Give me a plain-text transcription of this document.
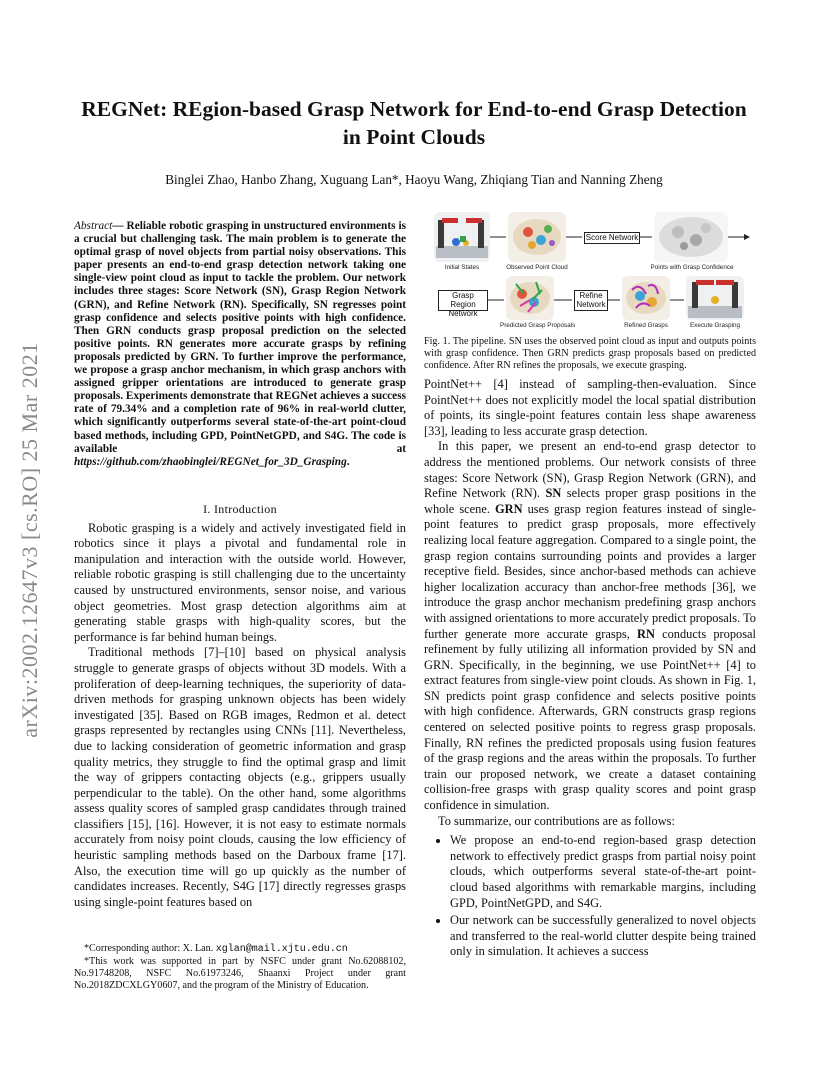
arXiv:2002.12647v3 [cs.RO] 25 Mar 2021
REGNet: REgion-based Grasp Network for End-to-end Grasp Detection in Point Clouds
Binglei Zhao, Hanbo Zhang, Xuguang Lan*, Haoyu Wang, Zhiqiang Tian and Nanning Zheng
Abstract— Reliable robotic grasping in unstructured environments is a crucial but challenging task. The main problem is to generate the optimal grasp of novel objects from partial noisy observations. This paper presents an end-to-end grasp detection network taking one single-view point cloud as input to tackle the problem. Our network includes three stages: Score Network (SN), Grasp Region Network (GRN), and Refine Network (RN). Specifically, SN regresses point grasp confidence and selects positive points with high confidence. Then GRN conducts grasp proposal prediction on the selected positive points. RN generates more accurate grasps by refining proposals predicted by GRN. To further improve the performance, we propose a grasp anchor mechanism, in which grasp anchors with assigned gripper orientations are introduced to generate grasp proposals. Experiments demonstrate that REGNet achieves a success rate of 79.34% and a completion rate of 96% in real-world clutter, which significantly outperforms several state-of-the-art point-cloud based methods, including GPD, PointNetGPD, and S4G. The code is available at https://github.com/zhaobinglei/REGNet_for_3D_Grasping.
I. Introduction

Robotic grasping is a widely and actively investigated field in robotics since it plays a pivotal and fundamental role in manipulation and interaction with the outside world. However, reliable robotic grasping is still challenging due to the uncertainty caused by unstructured environments, sensor noise, and various object geometries. Most grasp detection algorithms aim at generating stable grasps with high-quality scores, but the performance is far behind human beings.

Traditional methods [7]–[10] based on physical analysis struggle to generate grasps of objects without 3D models. With a proliferation of deep-learning techniques, the superiority of data-driven methods for grasping unknown objects has been widely investigated [35]. Based on RGB images, Redmon et al. detect grasps represented by rectangles using CNNs [11]. Nevertheless, due to lacking consideration of geometric information and grasp quality metrics, they struggle to find the optimal grasp and limit the way of grippers contacting objects (e.g., grippers usually perpendicular to the table). On the other hand, some algorithms assess quality scores of sampled grasp candidates through trained classifiers [15], [16]. However, it is not easy to estimate normals accurately from noisy point clouds, causing the low efficiency of heuristic sampling methods based on the Darboux frame [17]. Also, the execution time will go up quickly as the number of candidates increases. Recently, S4G [17] directly regresses grasps using single-point features based on

*Corresponding author: X. Lan. xglan@mail.xjtu.edu.cn
*This work was supported in part by NSFC under grant No.62088102, No.91748208, NSFC No.61973246, Shaanxi Project under grant No.2018ZDCXLGY0607, and the program of the Ministry of Education.
Score Network
Initial States	Observed Point Cloud	Points with Grasp Confidence
Grasp Region Network
Refine Network
Predicted Grasp Proposals	Refined Grasps	Execute Grasping
Fig. 1. The pipeline. SN uses the observed point cloud as input and outputs points with grasp confidence. Then GRN predicts grasp proposals based on predicted confidence. After RN refines the proposals, we execute grasping.

PointNet++ [4] instead of sampling-then-evaluation. Since PointNet++ does not explicitly model the local spatial distribution of points, its single-point features contain less shape awareness [33], leading to less accurate grasp detection.

In this paper, we present an end-to-end grasp detector to address the mentioned problems. Our network consists of three stages: Score Network (SN), Grasp Region Network (GRN), and Refine Network (RN). SN selects proper grasp positions in the whole scene. GRN uses grasp region features instead of single-point features to predict grasp proposals, more effectively realizing local feature aggregation. Compared to a single point, the grasp region contains surrounding points and provides a larger receptive field. Besides, since anchor-based methods can achieve higher localization accuracy than anchor-free methods [36], we introduce the grasp anchor mechanism predefining grasp anchors with assigned orientations to more accurately predict proposals. To further generate more accurate grasps, RN conducts proposal refinement by fully utilizing all information provided by SN and GRN. Specifically, in the beginning, we use PointNet++ [4] to extract features from single-view point clouds. As shown in Fig. 1, SN predicts point grasp confidence and selects positive points with high confidence. Afterwards, GRN constructs grasp regions centered on selected positive points to regress grasp proposals. Finally, RN refines the predicted proposals using fusion features of the grasp regions and the areas within the proposals. To further train our proposed network, we create a dataset containing collision-free grasps with grasp quality scores and point grasp confidence in simulation.

To summarize, our contributions are as follows:

• We propose an end-to-end region-based grasp detection network to effectively predict grasps from partial noisy point clouds, which outperforms several state-of-the-art point-cloud based algorithms with remarkable margins, including GPD, PointNetGPD, and S4G.
• Our network can be successfully generalized to novel objects and transferred to the real-world clutter despite being trained only in simulation. It achieves a success
